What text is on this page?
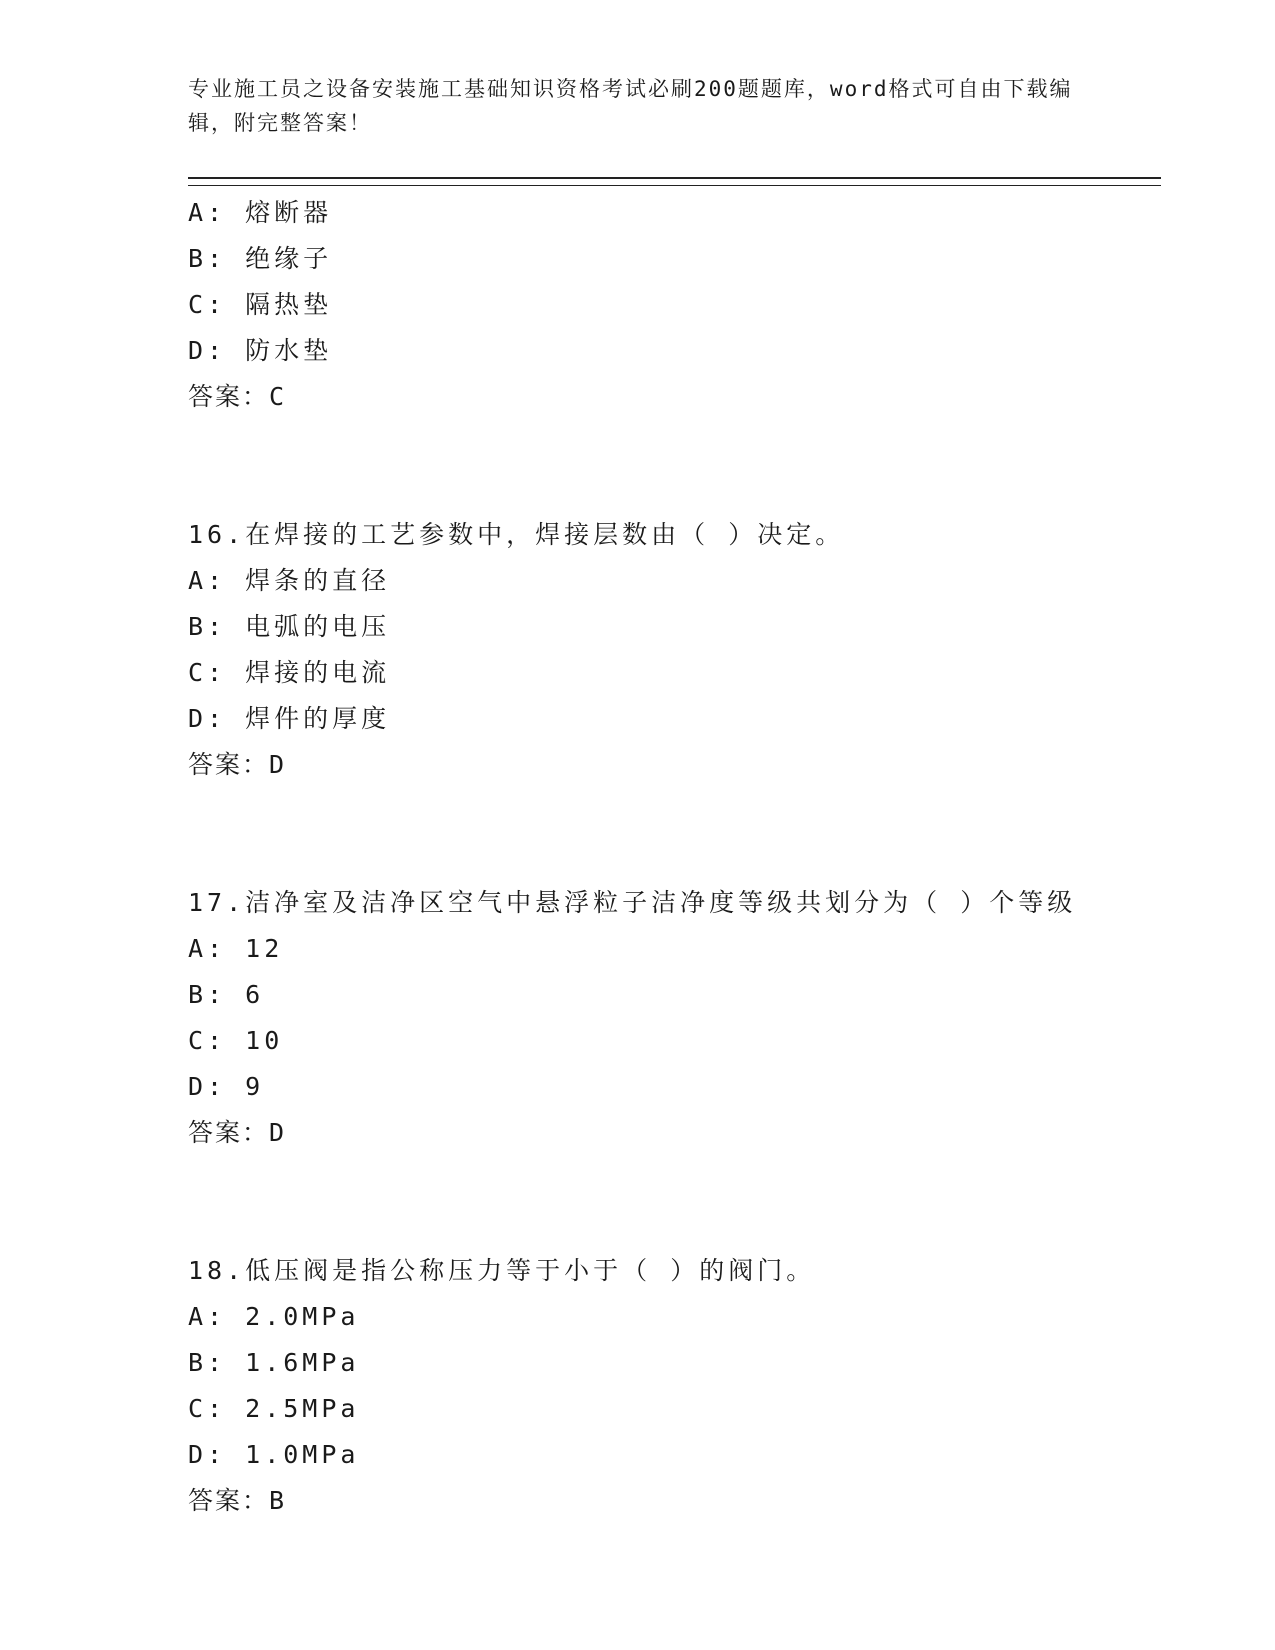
专业施工员之设备安装施工基础知识资格考试必刷200题题库，word格式可自由下载编辑，附完整答案！
A: 熔断器
B: 绝缘子
C: 隔热垫
D: 防水垫
答案：C
16.在焊接的工艺参数中，焊接层数由（ ）决定。
A: 焊条的直径
B: 电弧的电压
C: 焊接的电流
D: 焊件的厚度
答案：D
17.洁净室及洁净区空气中悬浮粒子洁净度等级共划分为（ ）个等级
A: 12
B: 6
C: 10
D: 9
答案：D
18.低压阀是指公称压力等于小于（ ）的阀门。
A: 2.0MPa
B: 1.6MPa
C: 2.5MPa
D: 1.0MPa
答案：B
